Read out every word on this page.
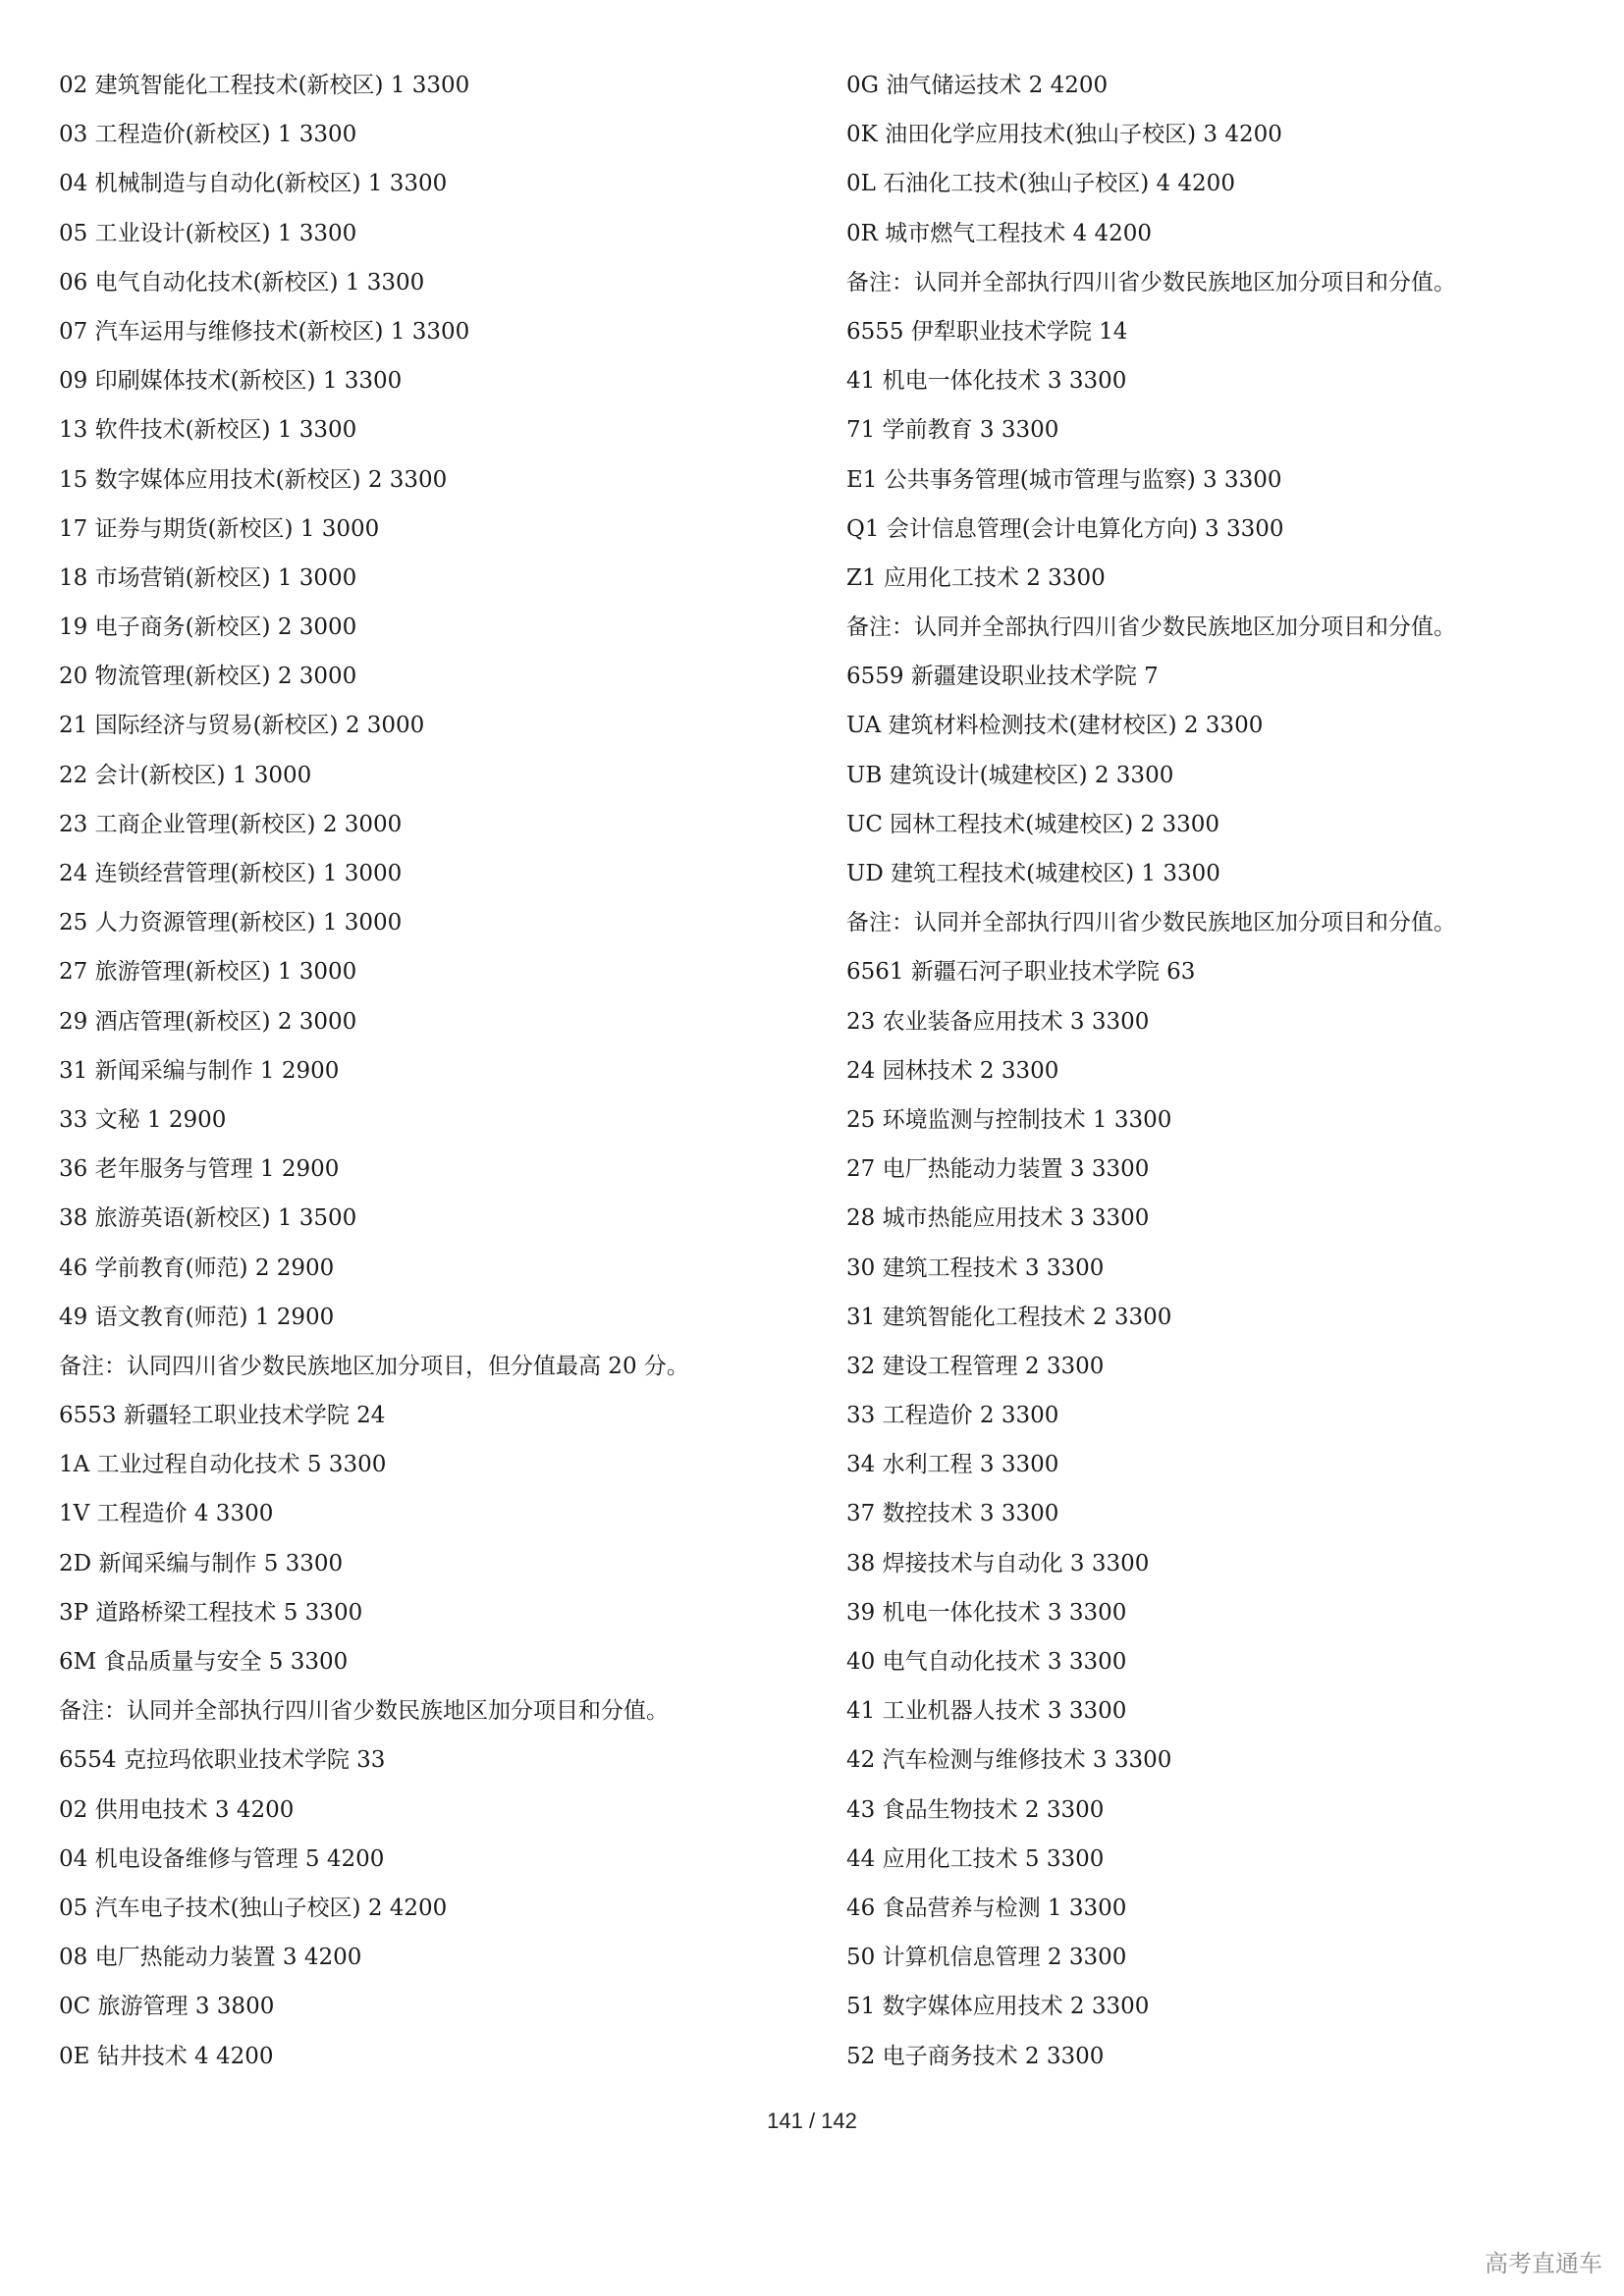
02 建筑智能化工程技术(新校区) 1 3300
03 工程造价(新校区) 1 3300
04 机械制造与自动化(新校区) 1 3300
05 工业设计(新校区) 1 3300
06 电气自动化技术(新校区) 1 3300
07 汽车运用与维修技术(新校区) 1 3300
09 印刷媒体技术(新校区) 1 3300
13 软件技术(新校区) 1 3300
15 数字媒体应用技术(新校区) 2 3300
17 证券与期货(新校区) 1 3000
18 市场营销(新校区) 1 3000
19 电子商务(新校区) 2 3000
20 物流管理(新校区) 2 3000
21 国际经济与贸易(新校区) 2 3000
22 会计(新校区) 1 3000
23 工商企业管理(新校区) 2 3000
24 连锁经营管理(新校区) 1 3000
25 人力资源管理(新校区) 1 3000
27 旅游管理(新校区) 1 3000
29 酒店管理(新校区) 2 3000
31 新闻采编与制作 1 2900
33 文秘 1 2900
36 老年服务与管理 1 2900
38 旅游英语(新校区) 1 3500
46 学前教育(师范) 2 2900
49 语文教育(师范) 1 2900
备注：认同四川省少数民族地区加分项目，但分值最高 20 分。
6553 新疆轻工职业技术学院 24
1A 工业过程自动化技术 5 3300
1V 工程造价 4 3300
2D 新闻采编与制作 5 3300
3P 道路桥梁工程技术 5 3300
6M 食品质量与安全 5 3300
备注：认同并全部执行四川省少数民族地区加分项目和分值。
6554 克拉玛依职业技术学院 33
02 供用电技术 3 4200
04 机电设备维修与管理 5 4200
05 汽车电子技术(独山子校区) 2 4200
08 电厂热能动力装置 3 4200
0C 旅游管理 3 3800
0E 钻井技术 4 4200
0G 油气储运技术 2 4200
0K 油田化学应用技术(独山子校区) 3 4200
0L 石油化工技术(独山子校区) 4 4200
0R 城市燃气工程技术 4 4200
备注：认同并全部执行四川省少数民族地区加分项目和分值。
6555 伊犁职业技术学院 14
41 机电一体化技术 3 3300
71 学前教育 3 3300
E1 公共事务管理(城市管理与监察) 3 3300
Q1 会计信息管理(会计电算化方向) 3 3300
Z1 应用化工技术 2 3300
备注：认同并全部执行四川省少数民族地区加分项目和分值。
6559 新疆建设职业技术学院 7
UA 建筑材料检测技术(建材校区) 2 3300
UB 建筑设计(城建校区) 2 3300
UC 园林工程技术(城建校区) 2 3300
UD 建筑工程技术(城建校区) 1 3300
备注：认同并全部执行四川省少数民族地区加分项目和分值。
6561 新疆石河子职业技术学院 63
23 农业装备应用技术 3 3300
24 园林技术 2 3300
25 环境监测与控制技术 1 3300
27 电厂热能动力装置 3 3300
28 城市热能应用技术 3 3300
30 建筑工程技术 3 3300
31 建筑智能化工程技术 2 3300
32 建设工程管理 2 3300
33 工程造价 2 3300
34 水利工程 3 3300
37 数控技术 3 3300
38 焊接技术与自动化 3 3300
39 机电一体化技术 3 3300
40 电气自动化技术 3 3300
41 工业机器人技术 3 3300
42 汽车检测与维修技术 3 3300
43 食品生物技术 2 3300
44 应用化工技术 5 3300
46 食品营养与检测 1 3300
50 计算机信息管理 2 3300
51 数字媒体应用技术 2 3300
52 电子商务技术 2 3300
141 / 142
高考直通车
